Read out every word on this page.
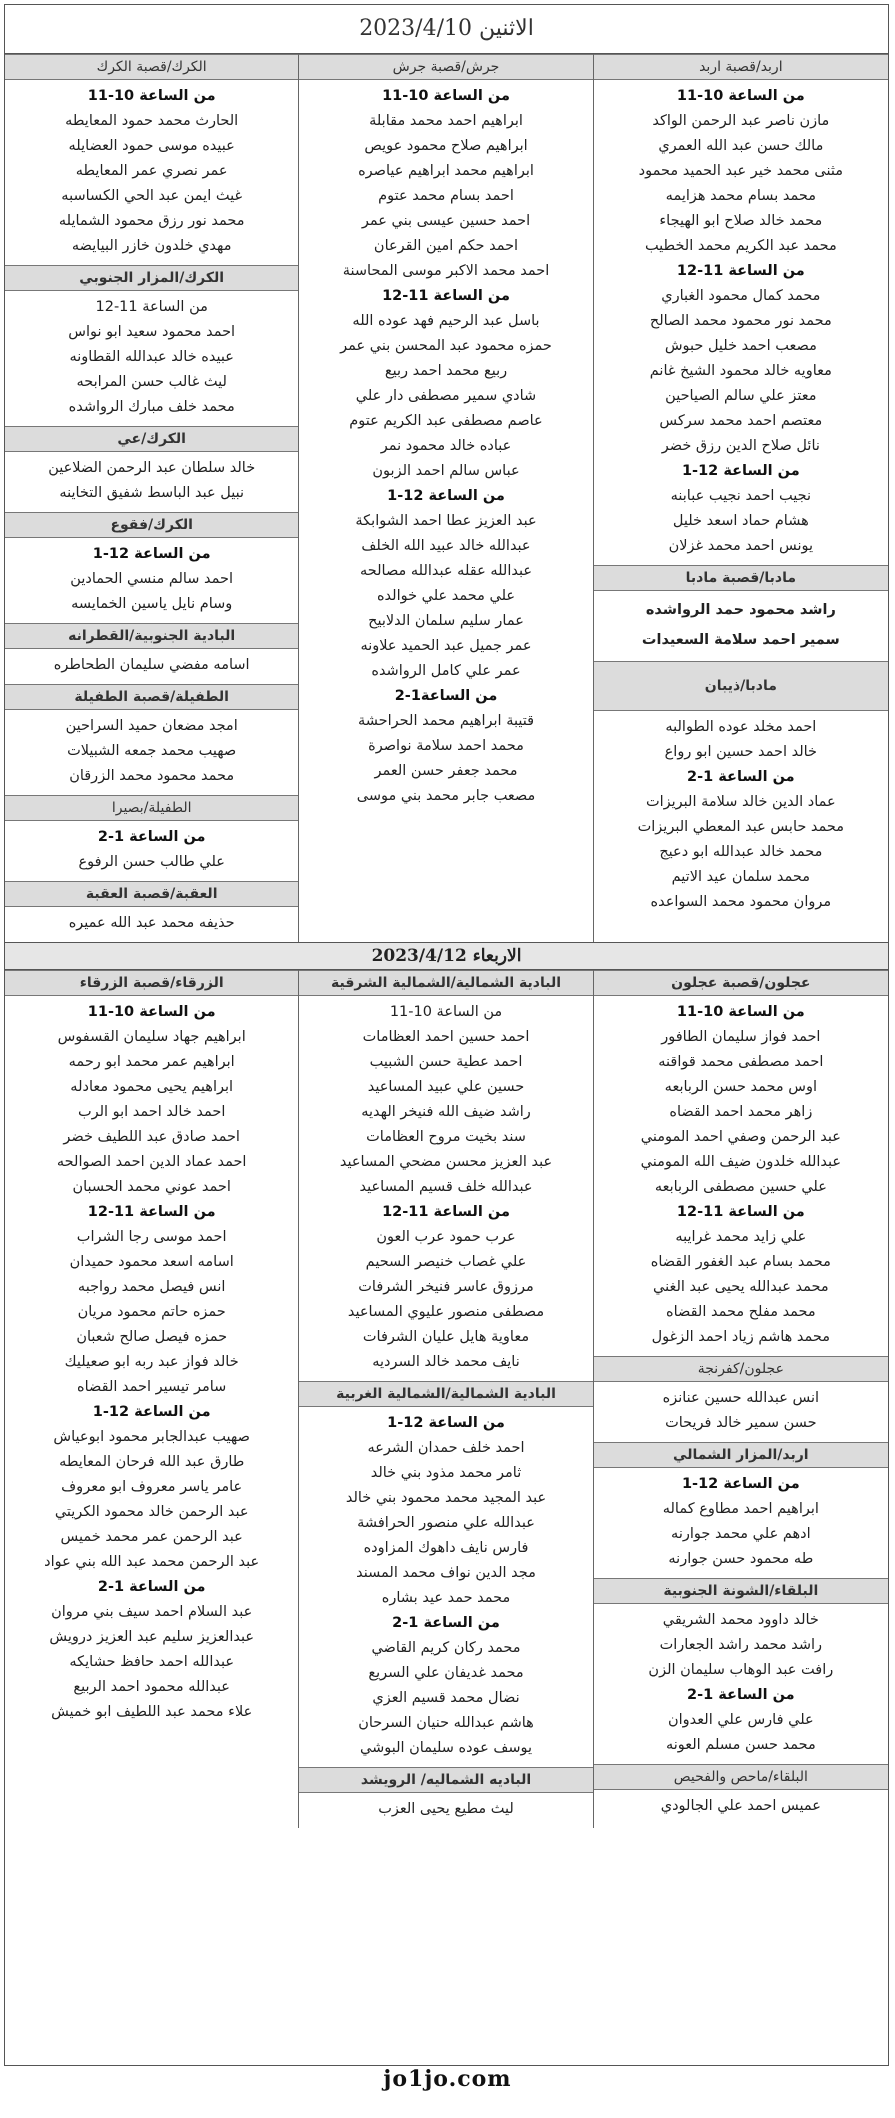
الاثنين 2023/4/10
اربد/قصبة اربد
من الساعة 10-11
مازن ناصر عبد الرحمن الواكد
مالك حسن عبد الله العمري
مثنى محمد خير عبد الحميد محمود
محمد بسام محمد هزايمه
محمد خالد صلاح ابو الهيجاء
محمد عبد الكريم محمد الخطيب
من الساعة 11-12
محمد كمال محمود الغباري
محمد نور محمود محمد الصالح
مصعب احمد خليل حبوش
معاويه خالد محمود الشيخ غانم
معتز علي سالم الصياحين
معتصم احمد محمد سركس
نائل صلاح الدين رزق خضر
من الساعة 12-1
نجيب احمد نجيب عبابنه
هشام حماد اسعد خليل
يونس احمد محمد غزلان
مادبا/قصبة مادبا
راشد محمود حمد الرواشده
سمير احمد سلامة السعيدات
مادبا/ذيبان
احمد مخلد عوده الطوالبه
خالد احمد حسين ابو رواع
من الساعة 1-2
عماد الدين خالد سلامة البريزات
محمد حابس عبد المعطي البريزات
محمد خالد عبدالله ابو دعيج
محمد سلمان عيد الاتيم
مروان محمود محمد السواعده
جرش/قصبة جرش
من الساعة 10-11
ابراهيم احمد محمد مقابلة
ابراهيم صلاح محمود عويص
ابراهيم محمد ابراهيم عياصره
احمد بسام محمد عتوم
احمد حسين عيسى بني عمر
احمد حكم امين القرعان
احمد محمد الاكبر موسى المحاسنة
من الساعة 11-12
باسل عبد الرحيم فهد عوده الله
حمزه محمود عبد المحسن بني عمر
ربيع محمد احمد ربيع
شادي سمير مصطفى دار علي
عاصم مصطفى عبد الكريم عتوم
عباده خالد محمود نمر
عباس سالم احمد الزبون
من الساعة 12-1
عبد العزيز عطا احمد الشوابكة
عبدالله خالد عبيد الله الخلف
عبدالله عقله عبدالله مصالحه
علي محمد علي خوالده
عمار سليم سلمان الدلابيح
عمر جميل عبد الحميد علاونه
عمر علي كامل الرواشده
من الساعة1-2
قتيبة ابراهيم محمد الحراحشة
محمد احمد سلامة نواصرة
محمد جعفر حسن العمر
مصعب جابر محمد بني موسى
الكرك/قصبة الكرك
من الساعة 10-11
الحارث محمد حمود المعايطه
عبيده موسى حمود العضايله
عمر نصري عمر المعايطه
غيث ايمن عبد الحي الكساسبه
محمد نور رزق محمود الشمايله
مهدي خلدون خازر البيايضه
الكرك/المزار الجنوبي
من الساعة 11-12
احمد محمود سعيد ابو نواس
عبيده خالد عبدالله القطاونه
ليث غالب حسن المرابحه
محمد خلف مبارك الرواشده
الكرك/عي
خالد سلطان عبد الرحمن الضلاعين
نبيل عبد الباسط شفيق التخاينه
الكرك/فقوع
من الساعة 12-1
احمد سالم منسي الحمادين
وسام نايل ياسين الخمايسه
البادية الجنوبية/القطرانه
اسامه مفضي سليمان الطحاطره
الطفيلة/قصبة الطفيلة
امجد مضعان حميد السراحين
صهيب محمد جمعه الشبيلات
محمد محمود محمد الزرقان
الطفيلة/بصيرا
من الساعة 1-2
علي طالب حسن الرفوع
العقبة/قصبة العقبة
حذيفه محمد عبد الله عميره
الاربعاء 2023/4/12
عجلون/قصبة عجلون
من الساعة 10-11
احمد فواز سليمان الطافور
احمد مصطفى محمد قواقنه
اوس محمد حسن الربابعه
زاهر محمد احمد القضاه
عبد الرحمن وصفي احمد المومني
عبدالله خلدون ضيف الله المومني
علي حسين مصطفى الربابعه
من الساعة 11-12
علي زايد محمد غرايبه
محمد بسام عبد الغفور القضاه
محمد عبدالله يحيى عبد الغني
محمد مفلح محمد القضاه
محمد هاشم زياد احمد الزغول
عجلون/كفرنجة
انس عبدالله حسين عنانزه
حسن سمير خالد فريحات
اربد/المزار الشمالي
من الساعة 12-1
ابراهيم احمد مطاوع كماله
ادهم علي محمد جوارنه
طه محمود حسن جوارنه
البلقاء/الشونة الجنوبية
خالد داوود محمد الشريقي
راشد محمد راشد الجعارات
رافت عبد الوهاب سليمان الزن
من الساعة 1-2
علي فارس علي العدوان
محمد حسن مسلم العونه
البلقاء/ماحص والفحيص
عميس احمد علي الجالودي
البادية الشمالية/الشمالية الشرقية
من الساعة 10-11
احمد حسين احمد العظامات
احمد عطية حسن الشبيب
حسين علي عبيد المساعيد
راشد ضيف الله فنيخر الهديه
سند بخيت مروح العظامات
عبد العزيز محسن مضحي المساعيد
عبدالله خلف قسيم المساعيد
من الساعة 11-12
عرب حمود عرب العون
علي غصاب خنيصر السحيم
مرزوق عاسر فنيخر الشرفات
مصطفى منصور عليوي المساعيد
معاوية هايل عليان الشرفات
نايف محمد خالد السرديه
البادية الشمالية/الشمالية الغربية
من الساعة 12-1
احمد خلف حمدان الشرعه
ثامر محمد مذود بني خالد
عبد المجيد محمد محمود بني خالد
عبدالله علي منصور الحرافشة
فارس نايف داهوك المزاوده
مجد الدين نواف محمد المسند
محمد حمد عيد بشاره
من الساعة 1-2
محمد ركان كريم القاضي
محمد غديفان علي السريع
نضال محمد قسيم العزي
هاشم عبدالله حنيان السرحان
يوسف عوده سليمان البوشي
الباديه الشماليه/ الرويشد
ليث مطيع يحيى العزب
الزرقاء/قصبة الزرقاء
من الساعة 10-11
ابراهيم جهاد سليمان القسفوس
ابراهيم عمر محمد ابو رحمه
ابراهيم يحيى محمود معادله
احمد خالد احمد ابو الرب
احمد صادق عبد اللطيف خضر
احمد عماد الدين احمد الصوالحه
احمد عوني محمد الحسبان
من الساعة 11-12
احمد موسى رجا الشراب
اسامه اسعد محمود حميدان
انس فيصل محمد رواجبه
حمزه حاتم محمود مريان
حمزه فيصل صالح شعبان
خالد فواز عبد ربه ابو صعيليك
سامر تيسير احمد القضاه
من الساعة 12-1
صهيب عبدالجابر محمود ابوعياش
طارق عبد الله فرحان المعايطه
عامر ياسر معروف ابو معروف
عبد الرحمن خالد محمود الكريتي
عبد الرحمن عمر محمد خميس
عبد الرحمن محمد عبد الله بني عواد
من الساعة 1-2
عبد السلام احمد سيف بني مروان
عبدالعزيز سليم عبد العزيز درويش
عبدالله احمد حافظ حشايكه
عبدالله محمود احمد الربيع
علاء محمد عبد اللطيف ابو خميش
jo1jo.com
